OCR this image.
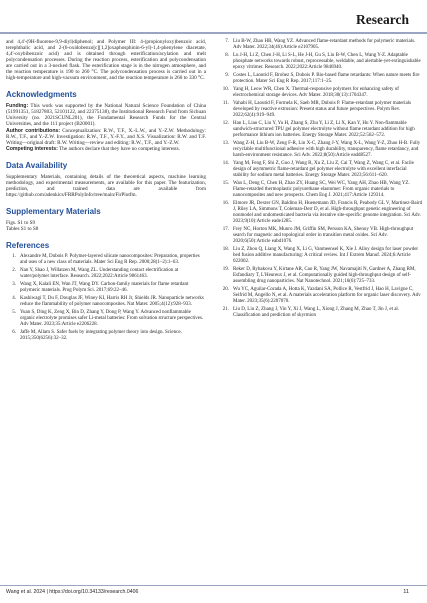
Research

and 4,4'-(9H-fluorene-9,9-diyl)diphenol; and Polymer III: 4-(propionyloxy)benzoic acid, terephthalic acid, and 2-(6-oxidobenzo[c][1,2]oxaphosphinin-6-yl)-1,4-phenylene diacetate, 4,4'-oxybibenzoic acid) and is obtained through esterification/acylation and melt polycondensation processes. During the reaction process, esterification and polycondensation are carried out in a 3-necked flask. The esterification stage is in the nitrogen atmosphere, and the reaction temperature is 190 to 260 °C. The polycondensation process is carried out in a high-temperature and high-vacuum environment, and the reaction temperature is 260 to 330 °C.

Acknowledgments

Funding: This work was supported by the National Natural Science Foundation of China (51991351, 51827803, 52101122, and 22375138), the Institutional Research Fund from Sichuan University (no. 2021SCUNL201), the Fundamental Research Funds for the Central Universities, and the 111 project (B20001).

Author contributions: Conceptualization: R.W., T.F., X.-L.W., and Y.-Z.W. Methodology: R.W., T.F., and Y.-Z.W. Investigation: R.W., T.F., Y.-F.Y., and X.S. Visualization: R.W. and T.F. Writing—original draft: R.W. Writing—review and editing: R.W., T.F., and Y.-Z.W.

Competing interests: The authors declare that they have no competing interests.

Data Availability

Supplementary Materials, containing details of the theoretical aspects, machine learning methodology, and experimental measurements, are available for this paper. The featurization, prediction, and trained data are available from https://github.com/adenkics/FRRPolyInfo/tree/main/FirPlotfm.

Supplementary Materials
Figs. S1 to S9
Tables S1 to S8
References
1. Alexandre M, Dubois P. Polymer-layered silicate nanocomposites: Preparation, properties and uses of a new class of materials. Mater Sci Eng R Rep. 2000;28(1–2):1–63.
2. Nan Y, Shao J, Willatzen M, Wang ZL. Understanding contact electrification at water/polymer interface. Research. 2022;2022:Article 9861463.
3. Wang X, Kalali EN, Wan JT, Wang DY. Carbon-family materials for flame retardant polymeric materials. Prog Polym Sci. 2017;69:22–46.
4. Kashiwagi T, Du F, Douglas JF, Winey KI, Harris RH Jr, Shields JR. Nanoparticle networks reduce the flammability of polymer nanocomposites. Nat Mater. 2005;4(12):928–933.
5. Yuan S, Ding K, Zeng X, Bin D, Zhang Y, Dong P, Wang Y. Advanced nonflammable organic electrolyte promises safer Li-metal batteries: From solvation structure perspectives. Adv Mater. 2023;35:Article e2206228.
6. Jaffe M, Allam S. Safer fuels by integrating polymer theory into design. Science. 2015;350(6256):32–32.
7. Liu B-W, Zhao HB, Wang YZ. Advanced flame-retardant methods for polymeric materials. Adv Mater. 2022;34(46):Article e2107905.
8. Lu J-H, Li Z, Chen J-H, Li S-L, He J-H, Gu S, Liu B-W, Chen L, Wang Y-Z. Adaptable phosphate networks towards robust, reprocessable, weldable, and alertable-yet-extinguishable epoxy vitrimer. Research. 2022;2022:Article 9846940.
9. Costes L, Laoutid F, Brohez S, Dubois P. Bio-based flame retardants: When nature meets fire protection. Mater Sci Eng R Rep. 2017;117:1–25.
10. Yang H, Leow WR, Chen X. Thermal-responsive polymers for enhancing safety of electrochemical storage devices. Adv Mater. 2018;30(13):1704347.
11. Vahabi H, Laoutid F, Formela K, Saeb MR, Dubois P. Flame-retardant polymer materials developed by reactive extrusion: Present status and future perspectives. Polym Rev. 2022;62(4):919–949.
12. Han L, Liao C, Liu Y, Yu H, Zhang S, Zhu Y, Li Z, Li X, Kan Y, Hu Y. Non-flammable sandwich-structured TPU gel polymer electrolyte without flame retardant addition for high performance lithium ion batteries. Energy Storage Mater. 2022;52:562–572.
13. Wang Z-H, Liu B-W, Zeng F-R, Lin X-C, Zhang J-Y, Wang X-L, Wang Y-Z, Zhao H-B. Fully recyclable multifunctional adhesive with high durability, transparency, flame retardancy, and harsh-environment resistance. Sci Adv. 2022;8(50):Article eadd8527.
14. Yang M, Feng F, Shi Z, Guo J, Wang R, Xu Z, Liu Z, Cai T, Wang Z, Wang C, et al. Facile design of asymmetric flame-retardant gel polymer electrolyte with excellent interfacial stability for sodium metal batteries. Energy Storage Mater. 2023;56:611–620.
15. Wan L, Deng C, Chen H, Zhao ZY, Huang SC, Wei WC, Yang AH, Zhao HB, Wang YZ. Flame-retarded thermoplastic polyurethane elastomer: From organic materials to nanocomposites and new prospects. Chem Eng J. 2021;417:Article 129314.
16. Elmore JR, Dexter GN, Baldino H, Huenemann JD, Francis R, Peabody GL V, Martinez-Baird J, Riley LA, Simmons T, Coleman-Derr D, et al. High-throughput genetic engineering of nonmodel and undomesticated bacteria via iterative site-specific genome integration. Sci Adv. 2023;9(10):Article eade1285.
17. Frey NC, Horton MK, Munro JM, Griffin SM, Persson KA, Shenoy VB. High-throughput search for magnetic and topological order in transition metal oxides. Sci Adv. 2020;6(50):Article eabd1076.
18. Liu Z, Zhou Q, Liang X, Wang X, Li G, Vanmeensel K, Xie J. Alloy design for laser powder bed fusion additive manufacturing: A critical review. Int J Extrem Manuf. 2024;6:Article 022002.
19. Reker D, Rybakova Y, Kirtane AR, Cao R, Yang JW, Navamajiti N, Gardner A, Zhang RM, Esfandiary T, L'Heureux J, et al. Computationally guided high-throughput design of self-assembling drug nanoparticles. Nat Nanotechnol. 2021;16(6):725–733.
20. Wu YC, Aguilar-Corada A, Hotta K, Yazdani SA, Pollice R, Vestfrid J, Hao H, Lavigne C, Seifrid M, Angello N, et al. A materials acceleration platform for organic laser discovery. Adv Mater. 2023;35(6):2207070.
21. Liu D, Liu Z, Zhang J, Yin Y, Xi J, Wang L, Xiong J, Zhang M, Zhao T, Jin J, et al. Classification and prediction of skyrmion
Wang et al. 2024 | https://doi.org/10.34133/research.0406	11
